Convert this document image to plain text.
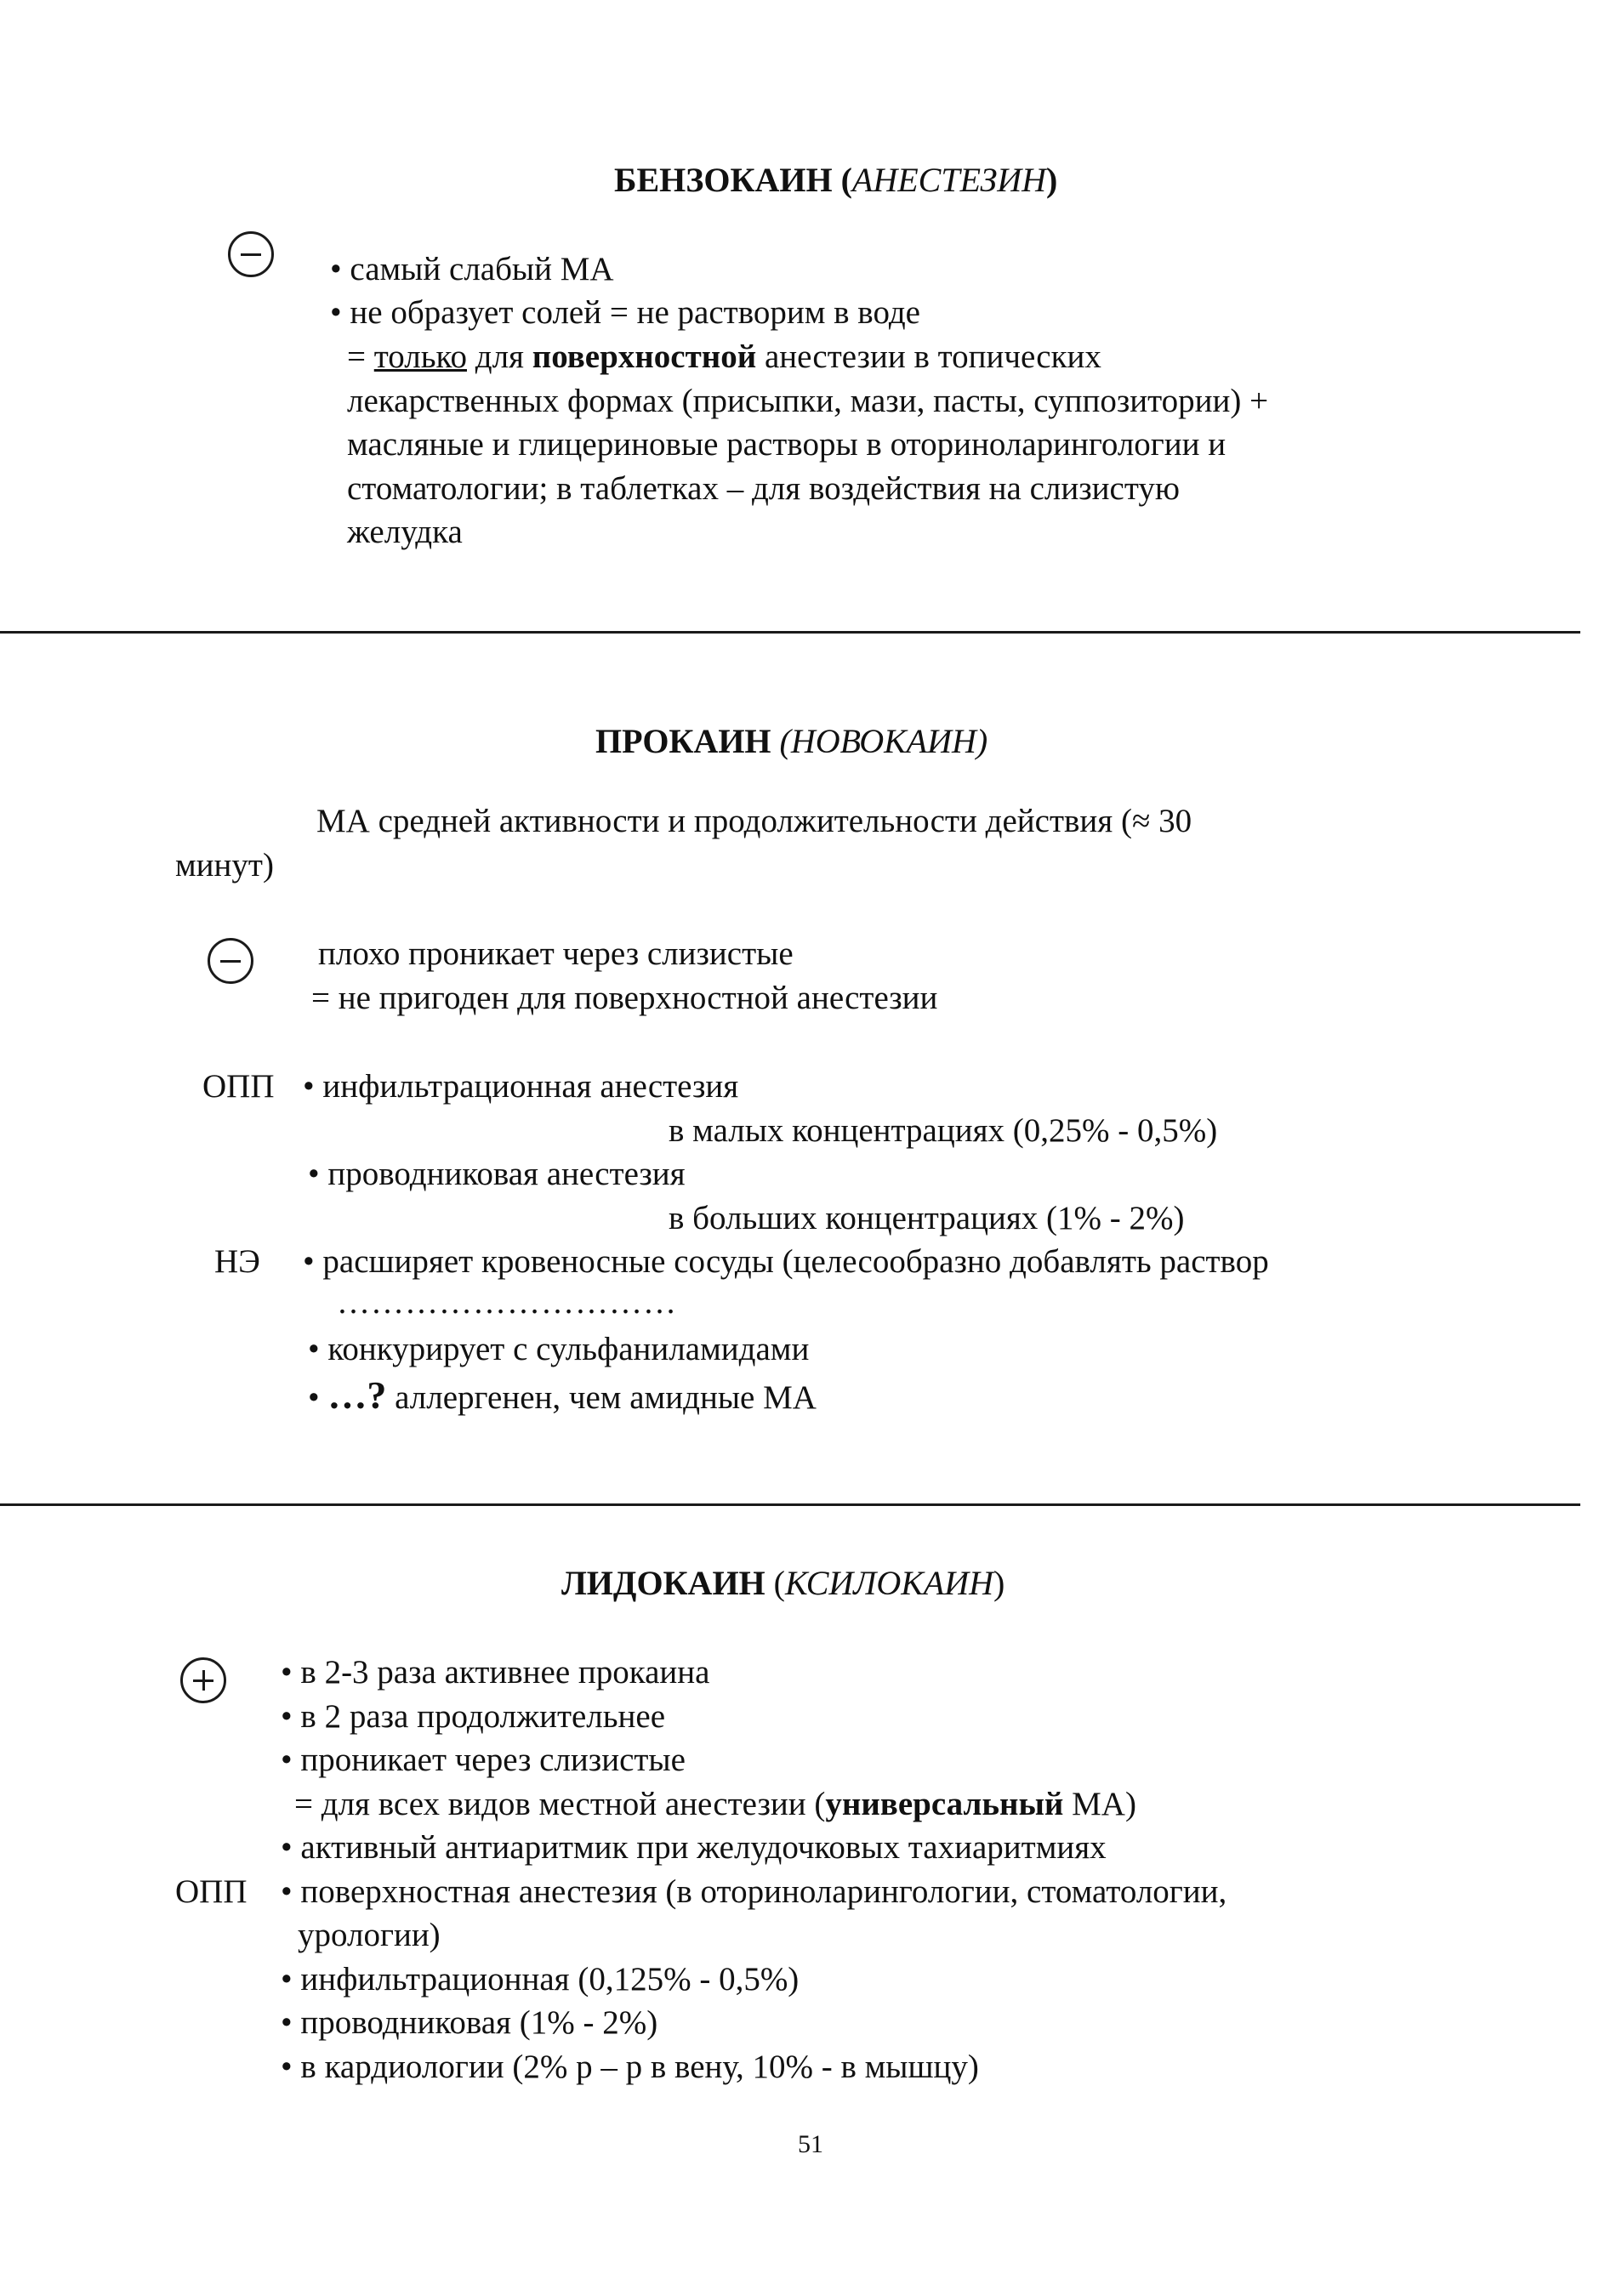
БЕНЗОКАИН (АНЕСТЕЗИН)
• самый слабый МА
• не образует солей = не растворим в воде
= только для поверхностной анестезии в топических
лекарственных формах (присыпки, мази, пасты, суппозитории) +
масляные и глицериновые растворы в оториноларингологии и
стоматологии; в таблетках – для воздействия на слизистую
желудка
ПРОКАИН (НОВОКАИН)
МА средней активности и продолжительности действия (≈ 30
минут)
плохо проникает через слизистые
= не пригоден для поверхностной анестезии
ОПП • инфильтрационная анестезия
в малых концентрациях (0,25% - 0,5%)
• проводниковая анестезия
в больших концентрациях (1% - 2%)
НЭ • расширяет кровеносные сосуды (целесообразно добавлять раствор
…………………………
• конкурирует с сульфаниламидами
• …? аллергенен, чем амидные МА
ЛИДОКАИН (КСИЛОКАИН)
• в 2-3 раза активнее прокаина
• в 2 раза продолжительнее
• проникает через слизистые
= для всех видов местной анестезии (универсальный МА)
• активный антиаритмик при желудочковых тахиаритмиях
ОПП • поверхностная анестезия (в оториноларингологии, стоматологии,
урологии)
• инфильтрационная (0,125% - 0,5%)
• проводниковая (1% - 2%)
• в кардиологии (2% р – р в вену, 10% - в мышцу)
51
